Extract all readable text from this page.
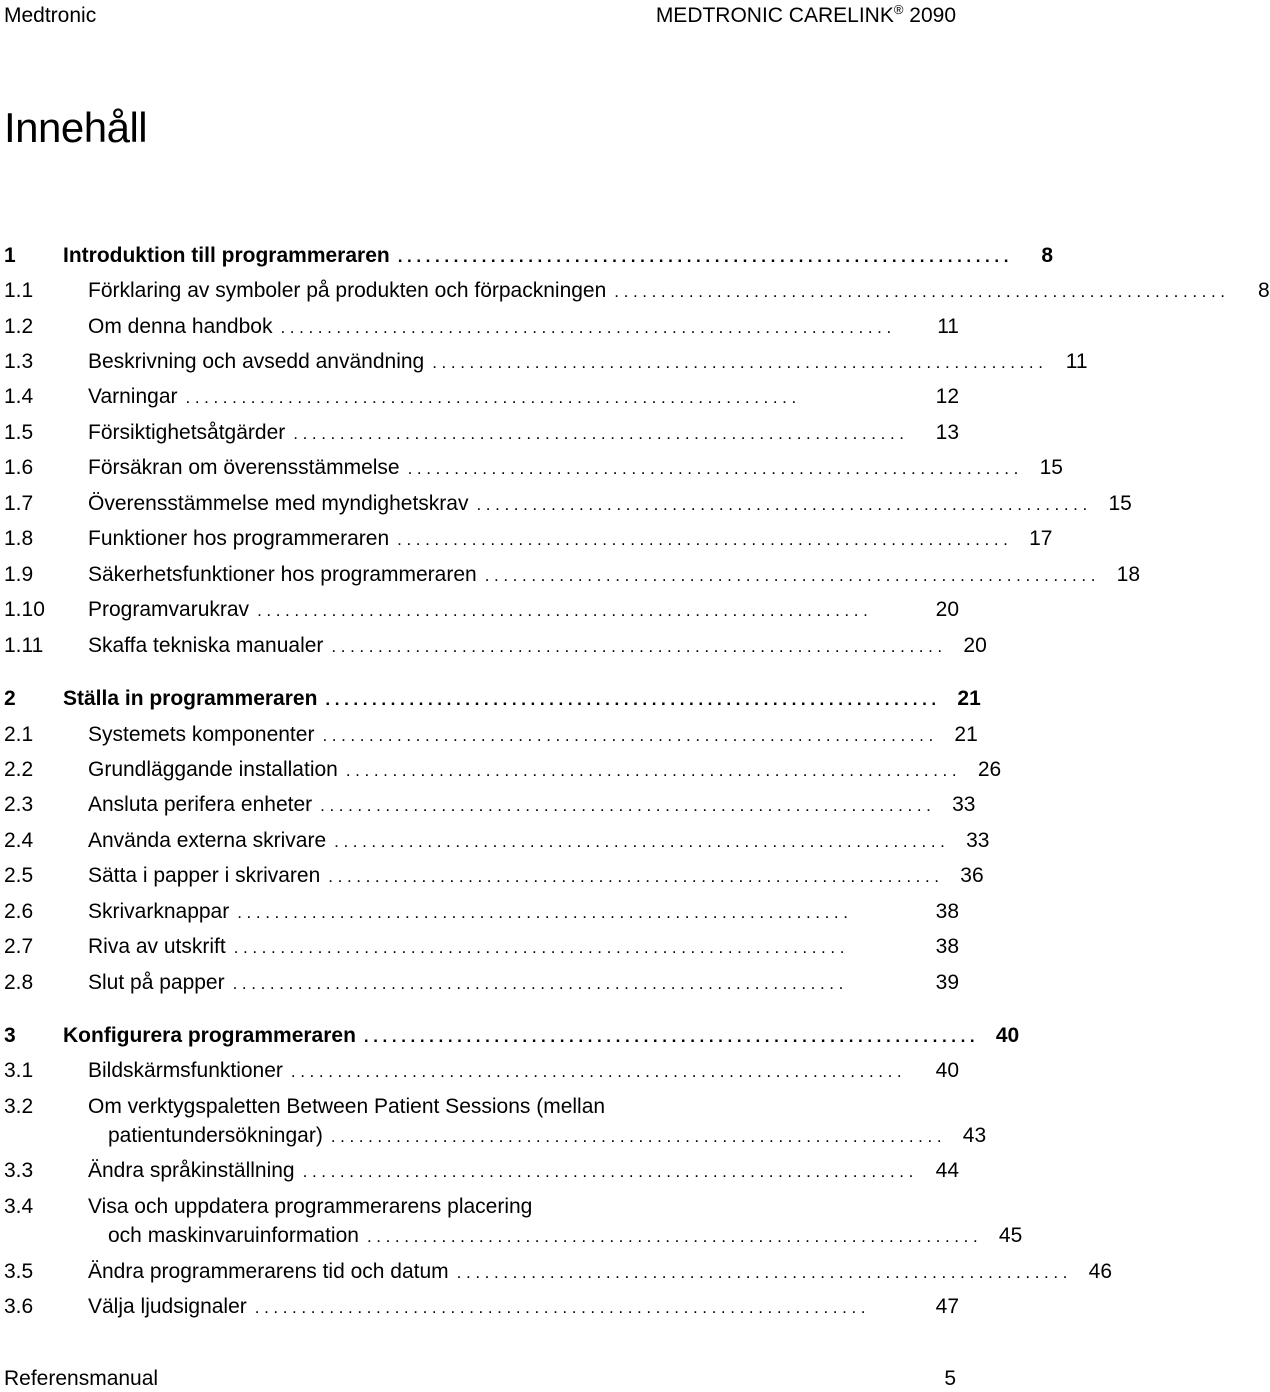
Medtronic	MEDTRONIC CARELINK® 2090
Innehåll
1 Introduktion till programmeraren ..................................................................	8
1.1	Förklaring av symboler på produkten och förpackningen ..................................................................	8
1.2	Om denna handbok ..................................................................	11
1.3	Beskrivning och avsedd användning .................................................................. 11
1.4	Varningar ..................................................................	12
1.5	Försiktighetsåtgärder ..................................................................	13
1.6	Försäkran om överensstämmelse .................................................................. 15
1.7	Överensstämmelse med myndighetskrav .................................................................. 15
1.8	Funktioner hos programmeraren .................................................................. 17
1.9	Säkerhetsfunktioner hos programmeraren .................................................................. 18
1.10 Programvarukrav ..................................................................	20
1.11 Skaffa tekniska manualer .................................................................. 20
2 Ställa in programmeraren .................................................................. 21
2.1	Systemets komponenter .................................................................. 21
2.2	Grundläggande installation .................................................................. 26
2.3	Ansluta perifera enheter .................................................................. 33
2.4	Använda externa skrivare .................................................................. 33
2.5	Sätta i papper i skrivaren .................................................................. 36
2.6	Skrivarknappar ..................................................................	38
2.7	Riva av utskrift ..................................................................	38
2.8	Slut på papper ..................................................................	39
3 Konfigurera programmeraren .................................................................. 40
3.1	Bildskärmsfunktioner ..................................................................	40
3.2	Om verktygspaletten Between Patient Sessions (mellan
patientundersökningar) .................................................................. 43
3.3	Ändra språkinställning .................................................................. 44
3.4	Visa och uppdatera programmerarens placering
och maskinvaruinformation .................................................................. 45
3.5	Ändra programmerarens tid och datum .................................................................. 46
3.6	Välja ljudsignaler ..................................................................	47
Referensmanual	5
